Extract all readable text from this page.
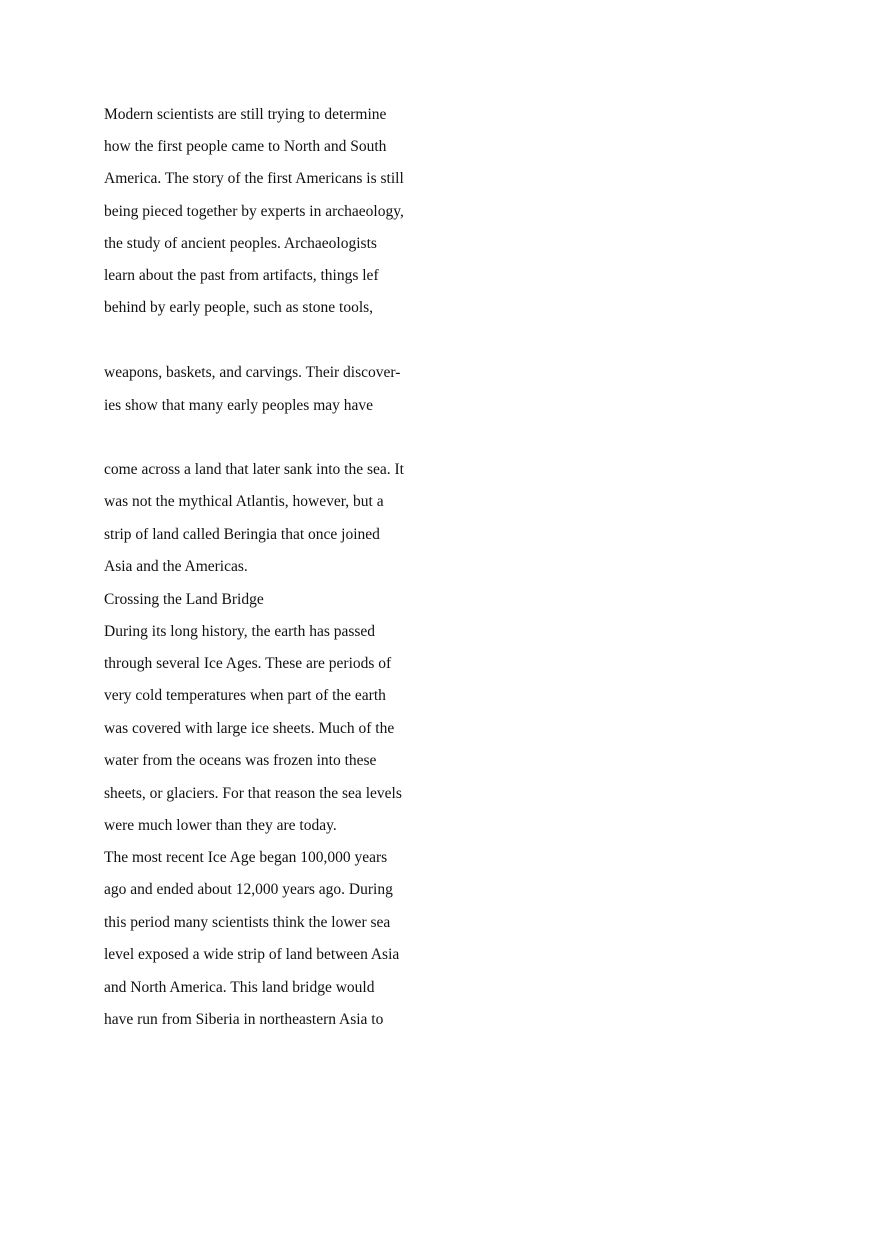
Modern scientists are still trying to determine
how the first people came to North and South
America. The story of the first Americans is still
being pieced together by experts in archaeology,
the study of ancient peoples. Archaeologists
learn about the past from artifacts, things lef
behind by early people, such as stone tools,
weapons, baskets, and carvings. Their discover-
ies show that many early peoples may have
come across a land that later sank into the sea. It
was not the mythical Atlantis, however, but a
strip of land called Beringia that once joined
Asia and the Americas.
Crossing the Land Bridge
During its long history, the earth has passed
through several Ice Ages. These are periods of
very cold temperatures when part of the earth
was covered with large ice sheets. Much of the
water from the oceans was frozen into these
sheets, or glaciers. For that reason the sea levels
were much lower than they are today.
The most recent Ice Age began 100,000 years
ago and ended about 12,000 years ago. During
this period many scientists think the lower sea
level exposed a wide strip of land between Asia
and North America. This land bridge would
have run from Siberia in northeastern Asia to
